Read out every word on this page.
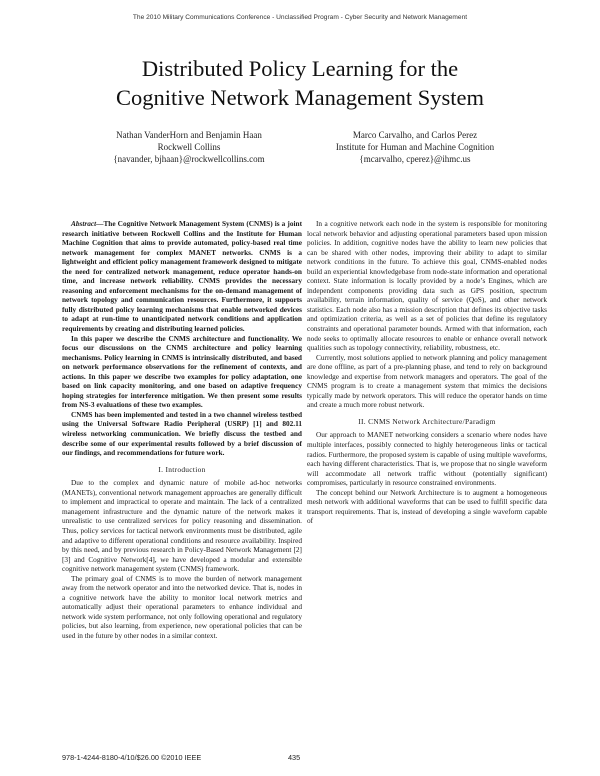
The 2010 Military Communications Conference - Unclassified Program - Cyber Security and Network Management
Distributed Policy Learning for the
Cognitive Network Management System
Nathan VanderHorn and Benjamin Haan
Rockwell Collins
{navander, bjhaan}@rockwellcollins.com
Marco Carvalho, and Carlos Perez
Institute for Human and Machine Cognition
{mcarvalho, cperez}@ihmc.us

Abstract—The Cognitive Network Management System (CNMS) is a joint research initiative between Rockwell Collins and the Institute for Human Machine Cognition that aims to provide automated, policy-based real time network management for complex MANET networks. CNMS is a lightweight and efficient policy management framework designed to mitigate the need for centralized network management, reduce operator hands-on time, and increase network reliability. CNMS provides the necessary reasoning and enforcement mechanisms for the on-demand management of network topology and communication resources. Furthermore, it supports fully distributed policy learning mechanisms that enable networked devices to adapt at run-time to unanticipated network conditions and application requirements by creating and distributing learned policies.

In this paper we describe the CNMS architecture and functionality. We focus our discussions on the CNMS architecture and policy learning mechanisms. Policy learning in CNMS is intrinsically distributed, and based on network performance observations for the refinement of contexts, and actions. In this paper we describe two examples for policy adaptation, one based on link capacity monitoring, and one based on adaptive frequency hoping strategies for interference mitigation. We then present some results from NS-3 evaluations of these two examples.

CNMS has been implemented and tested in a two channel wireless testbed using the Universal Software Radio Peripheral (USRP) [1] and 802.11 wireless networking communication. We briefly discuss the testbed and describe some of our experimental results followed by a brief discussion of our findings, and recommendations for future work.

I. Introduction

Due to the complex and dynamic nature of mobile ad-hoc networks (MANETs), conventional network management approaches are generally difficult to implement and impractical to operate and maintain. The lack of a centralized management infrastructure and the dynamic nature of the network makes it unrealistic to use centralized services for policy reasoning and dissemination. Thus, policy services for tactical network environments must be distributed, agile and adaptive to different operational conditions and resource availability. Inspired by this need, and by previous research in Policy-Based Network Management [2] [3] and Cognitive Network[4], we have developed a modular and extensible cognitive network management system (CNMS) framework.

The primary goal of CNMS is to move the burden of network management away from the network operator and into the networked device. That is, nodes in a cognitive network have the ability to monitor local network metrics and automatically adjust their operational parameters to enhance individual and network wide system performance, not only following operational and regulatory policies, but also learning, from experience, new operational policies that can be used in the future by other nodes in a similar context.

In a cognitive network each node in the system is responsible for monitoring local network behavior and adjusting operational parameters based upon mission policies. In addition, cognitive nodes have the ability to learn new policies that can be shared with other nodes, improving their ability to adapt to similar network conditions in the future. To achieve this goal, CNMS-enabled nodes build an experiential knowledgebase from node-state information and operational context. State information is locally provided by a node’s Engines, which are independent components providing data such as GPS position, spectrum availability, terrain information, quality of service (QoS), and other network statistics. Each node also has a mission description that defines its objective tasks and optimization criteria, as well as a set of policies that define its regulatory constraints and operational parameter bounds. Armed with that information, each node seeks to optimally allocate resources to enable or enhance overall network qualities such as topology connectivity, reliability, robustness, etc.

Currently, most solutions applied to network planning and policy management are done offline, as part of a pre-planning phase, and tend to rely on background knowledge and expertise from network managers and operators. The goal of the CNMS program is to create a management system that mimics the decisions typically made by network operators. This will reduce the operator hands on time and create a much more robust network.

II. CNMS Network Architecture/Paradigm

Our approach to MANET networking considers a scenario where nodes have multiple interfaces, possibly connected to highly heterogeneous links or tactical radios. Furthermore, the proposed system is capable of using multiple waveforms, each having different characteristics. That is, we propose that no single waveform will accommodate all network traffic without (potentially significant) compromises, particularly in resource constrained environments.

The concept behind our Network Architecture is to augment a homogeneous mesh network with additional waveforms that can be used to fulfill specific data transport requirements. That is, instead of developing a single waveform capable of

978-1-4244-8180-4/10/$26.00 ©2010 IEEE	435
